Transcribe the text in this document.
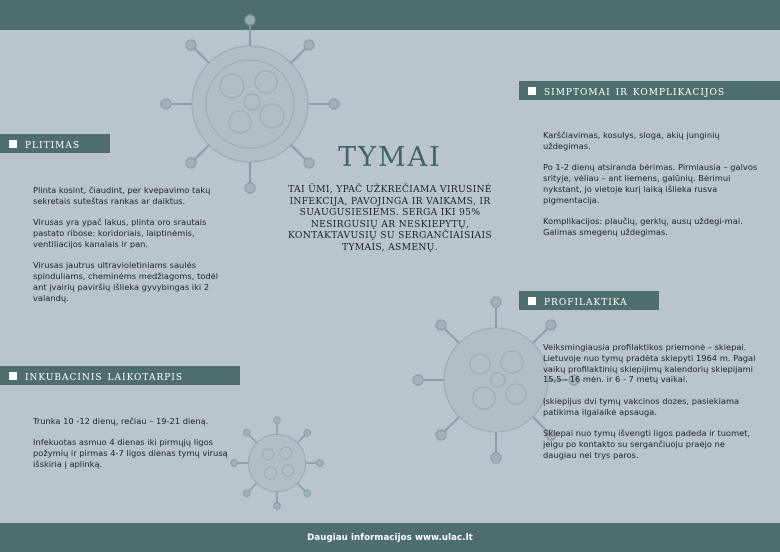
TYMAI
TAI ŪMI, YPAČ UŽKREČIAMA VIRUSINĖ INFEKCIJA, PAVOJINGA IR VAIKAMS, IR SUAUGUSIESIEMS. SERGA IKI 95% NESIRGUSIŲ AR NESKIEPYTŲ, KONTAKTAVUSIŲ SU SERGANČIAISIAIS TYMAIS, ASMENŲ.
plitimas

Plinta kosint, čiaudint, per kvėpavimo takų sekretais suteštas rankas ar daiktus.

Virusas yra ypač lakus, plinta oro srautais pastato ribose: koridoriais, laiptinėmis, ventiliacijos kanalais ir pan.

Virusas jautrus ultravioletiniams saulės spinduliams, cheminėms medžiagoms, todėl ant įvairių paviršių išlieka gyvybingas iki 2 valandų.

inkubacinis laikotarpis

Trunka 10 -12 dienų, rečiau – 19-21 dieną.

Infekuotas asmuo 4 dienas iki pirmųjų ligos požymių ir pirmas 4-7 ligos dienas tymų virusą išskiria į aplinką.

simptomai ir komplikacijos

Karščiavimas, kosulys, sloga, akių junginių uždegimas.

Po 1-2 dienų atsiranda bėrimas. Pirmiausia – galvos srityje, vėliau – ant liemens, galūnių. Bėrimui nykstant, jo vietoje kurį laiką išlieka rusva pigmentacija.

Komplikacijos: plaučių, gerklų, ausų uždegi-mai. Galimas smegenų uždegimas.

profilaktika

Veiksmingiausia profilaktikos priemonė – skiepai. Lietuvoje nuo tymų pradėta skiepyti 1964 m. Pagal vaikų profilaktinių skiepijimų kalendorių skiepijami 15,5 - 16 mėn. ir 6 - 7 metų vaikai.

Įskiepijus dvi tymų vakcinos dozes, pasiekiama patikima ilgalaikė apsauga.

Skiepai nuo tymų išvengti ligos padeda ir tuomet, jeigu po kontakto su sergančiuoju praėjo ne daugiau nei trys paros.

Daugiau informacijos www.ulac.lt
